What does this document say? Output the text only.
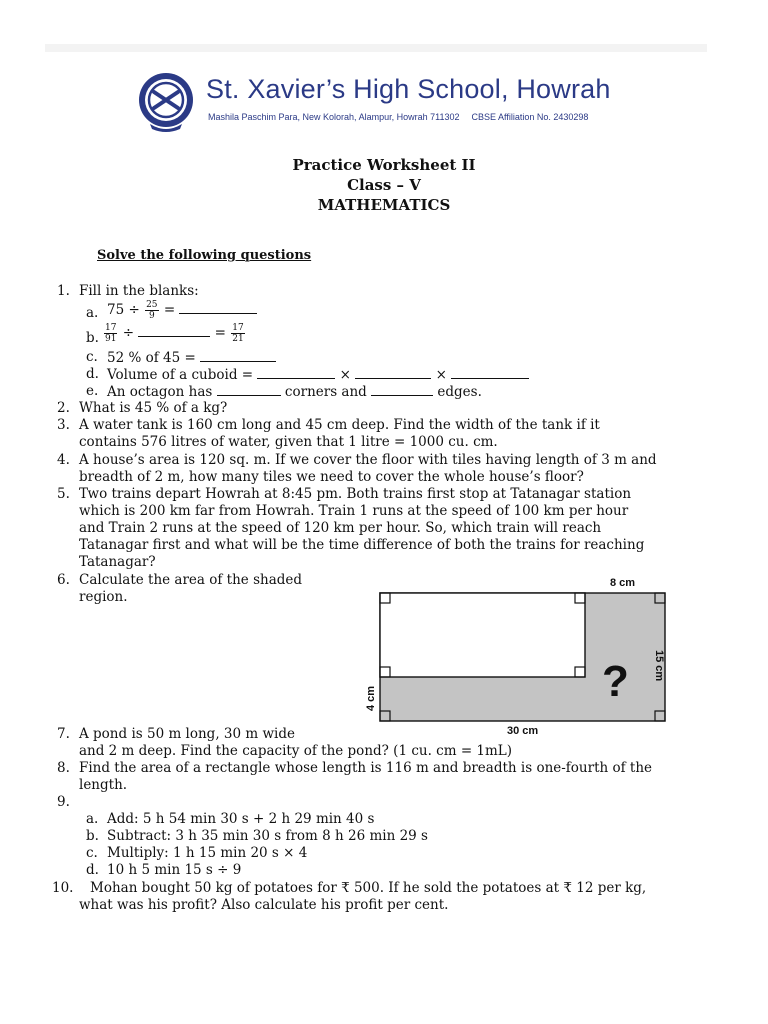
St. Xavier’s High School, Howrah
Mashila Paschim Para, New Kolorah, Alampur, Howrah 711302 CBSE Affiliation No. 2430298
Practice Worksheet II
Class – V
MATHEMATICS
Solve the following questions
1. Fill in the blanks:
a. $75 \div \frac{25}{9}$ =
b. $\frac{17}{91}$ ÷	= $\frac{17}{21}$
c. 52 % of 45 =
d. Volume of a cuboid =	×	×
e. An octagon has	corners and	edges.
2. What is 45 % of a kg?
3. A water tank is 160 cm long and 45 cm deep. Find the width of the tank if it
contains 576 litres of water, given that 1 litre = 1000 cu. cm.
4. A house’s area is 120 sq. m. If we cover the floor with tiles having length of 3 m and
breadth of 2 m, how many tiles we need to cover the whole house’s floor?
5. Two trains depart Howrah at 8:45 pm. Both trains first stop at Tatanagar station
which is 200 km far from Howrah. Train 1 runs at the speed of 100 km per hour
and Train 2 runs at the speed of 120 km per hour. So, which train will reach
Tatanagar first and what will be the time difference of both the trains for reaching
Tatanagar?
6. Calculate the area of the shaded
region.
8 cm
15 cm
4 cm
30 cm
?
7. A pond is 50 m long, 30 m wide
and 2 m deep. Find the capacity of the pond? (1 cu. cm = 1mL)
8. Find the area of a rectangle whose length is 116 m and breadth is one-fourth of the
length.
9.
a. Add: 5 h 54 min 30 s + 2 h 29 min 40 s
b. Subtract: 3 h 35 min 30 s from 8 h 26 min 29 s
c. Multiply: 1 h 15 min 20 s × 4
d. 10 h 5 min 15 s ÷ 9
10. Mohan bought 50 kg of potatoes for ₹ 500. If he sold the potatoes at ₹ 12 per kg,
what was his profit? Also calculate his profit per cent.
